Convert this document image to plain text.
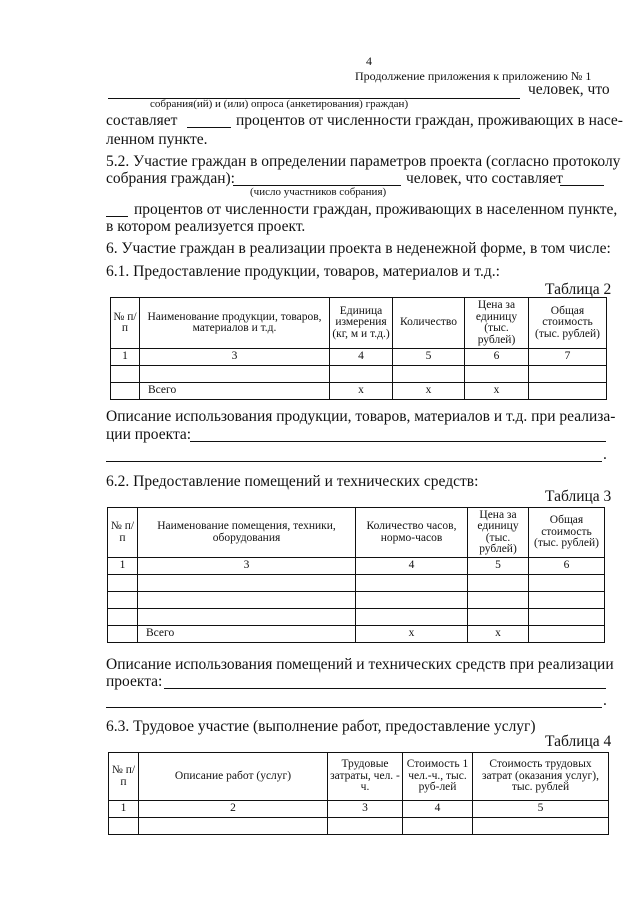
4
Продолжение приложения к приложению № 1
человек, что
собрания(ий) и (или) опроса (анкетирования) граждан)
составляет	процентов от численности граждан, проживающих в насе-
ленном пункте.
5.2. Участие граждан в определении параметров проекта (согласно протоколу
собрания граждан):	человек, что составляет
(число участников собрания)
процентов от численности граждан, проживающих в населенном пункте,
в котором реализуется проект.
6. Участие граждан в реализации проекта в неденежной форме, в том числе:
6.1. Предоставление продукции, товаров, материалов и т.д.:
Таблица 2
№ п/п	Наименование продукции, товаров, материалов и т.д.	Единица измерения (кг, м и т.д.)	Количество	Цена за единицу (тыс. рублей)	Общая стоимость (тыс. рублей)
1	3	4	5	6	7

	Всего	х	х	х	
Описание использования продукции, товаров, материалов и т.д. при реализа-
ции проекта:
.
6.2. Предоставление помещений и технических средств:
Таблица 3
№ п/п	Наименование помещения, техники, оборудования	Количество часов, нормо-часов	Цена за единицу (тыс. рублей)	Общая стоимость (тыс. рублей)
1	3	4	5	6

	Всего	х	х	
Описание использования помещений и технических средств при реализации
проекта:
.
6.3. Трудовое участие (выполнение работ, предоставление услуг)
Таблица 4
№ п/п	Описание работ (услуг)	Трудовые затраты, чел. - ч.	Стоимость 1 чел.-ч., тыс. руб-лей	Стоимость трудовых затрат (оказания услуг), тыс. рублей
1	2	3	4	5
